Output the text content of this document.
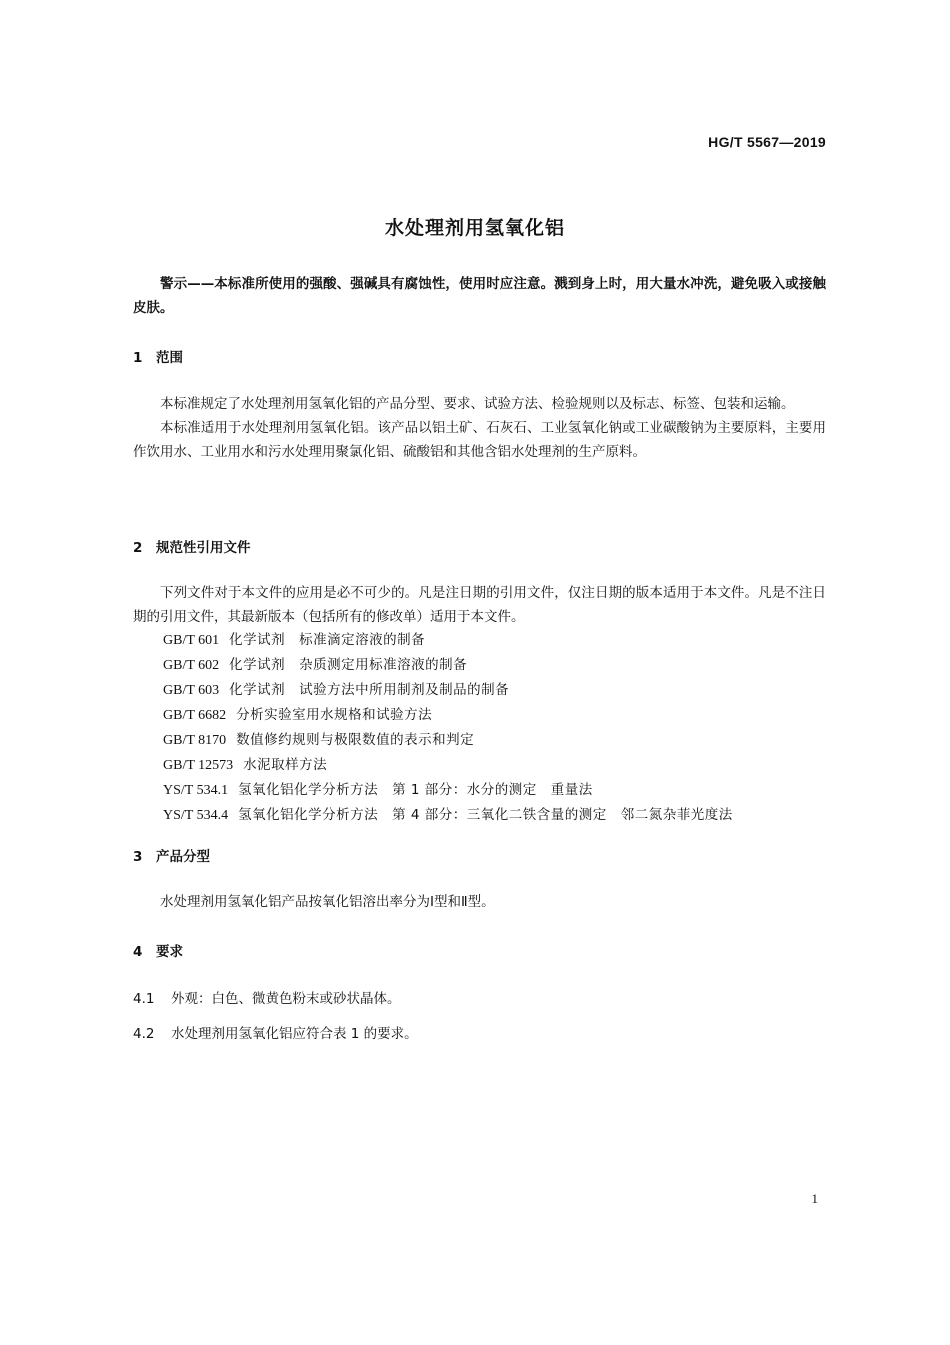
HG/T 5567—2019
水处理剂用氢氧化铝
警示——本标准所使用的强酸、强碱具有腐蚀性，使用时应注意。溅到身上时，用大量水冲洗，避免吸入或接触皮肤。
1 范围

本标准规定了水处理剂用氢氧化铝的产品分型、要求、试验方法、检验规则以及标志、标签、包装和运输。

本标准适用于水处理剂用氢氧化铝。该产品以铝土矿、石灰石、工业氢氧化钠或工业碳酸钠为主要原料，主要用作饮用水、工业用水和污水处理用聚氯化铝、硫酸铝和其他含铝水处理剂的生产原料。

2 规范性引用文件

下列文件对于本文件的应用是必不可少的。凡是注日期的引用文件，仅注日期的版本适用于本文件。凡是不注日期的引用文件，其最新版本（包括所有的修改单）适用于本文件。

GB/T 601 化学试剂　标准滴定溶液的制备
GB/T 602 化学试剂　杂质测定用标准溶液的制备
GB/T 603 化学试剂　试验方法中所用制剂及制品的制备
GB/T 6682 分析实验室用水规格和试验方法
GB/T 8170 数值修约规则与极限数值的表示和判定
GB/T 12573 水泥取样方法
YS/T 534.1 氢氧化铝化学分析方法　第 1 部分：水分的测定　重量法
YS/T 534.4 氢氧化铝化学分析方法　第 4 部分：三氧化二铁含量的测定　邻二氮杂菲光度法
3 产品分型

水处理剂用氢氧化铝产品按氧化铝溶出率分为Ⅰ型和Ⅱ型。

4 要求
4.1 外观：白色、微黄色粉末或砂状晶体。
4.2 水处理剂用氢氧化铝应符合表 1 的要求。
1
